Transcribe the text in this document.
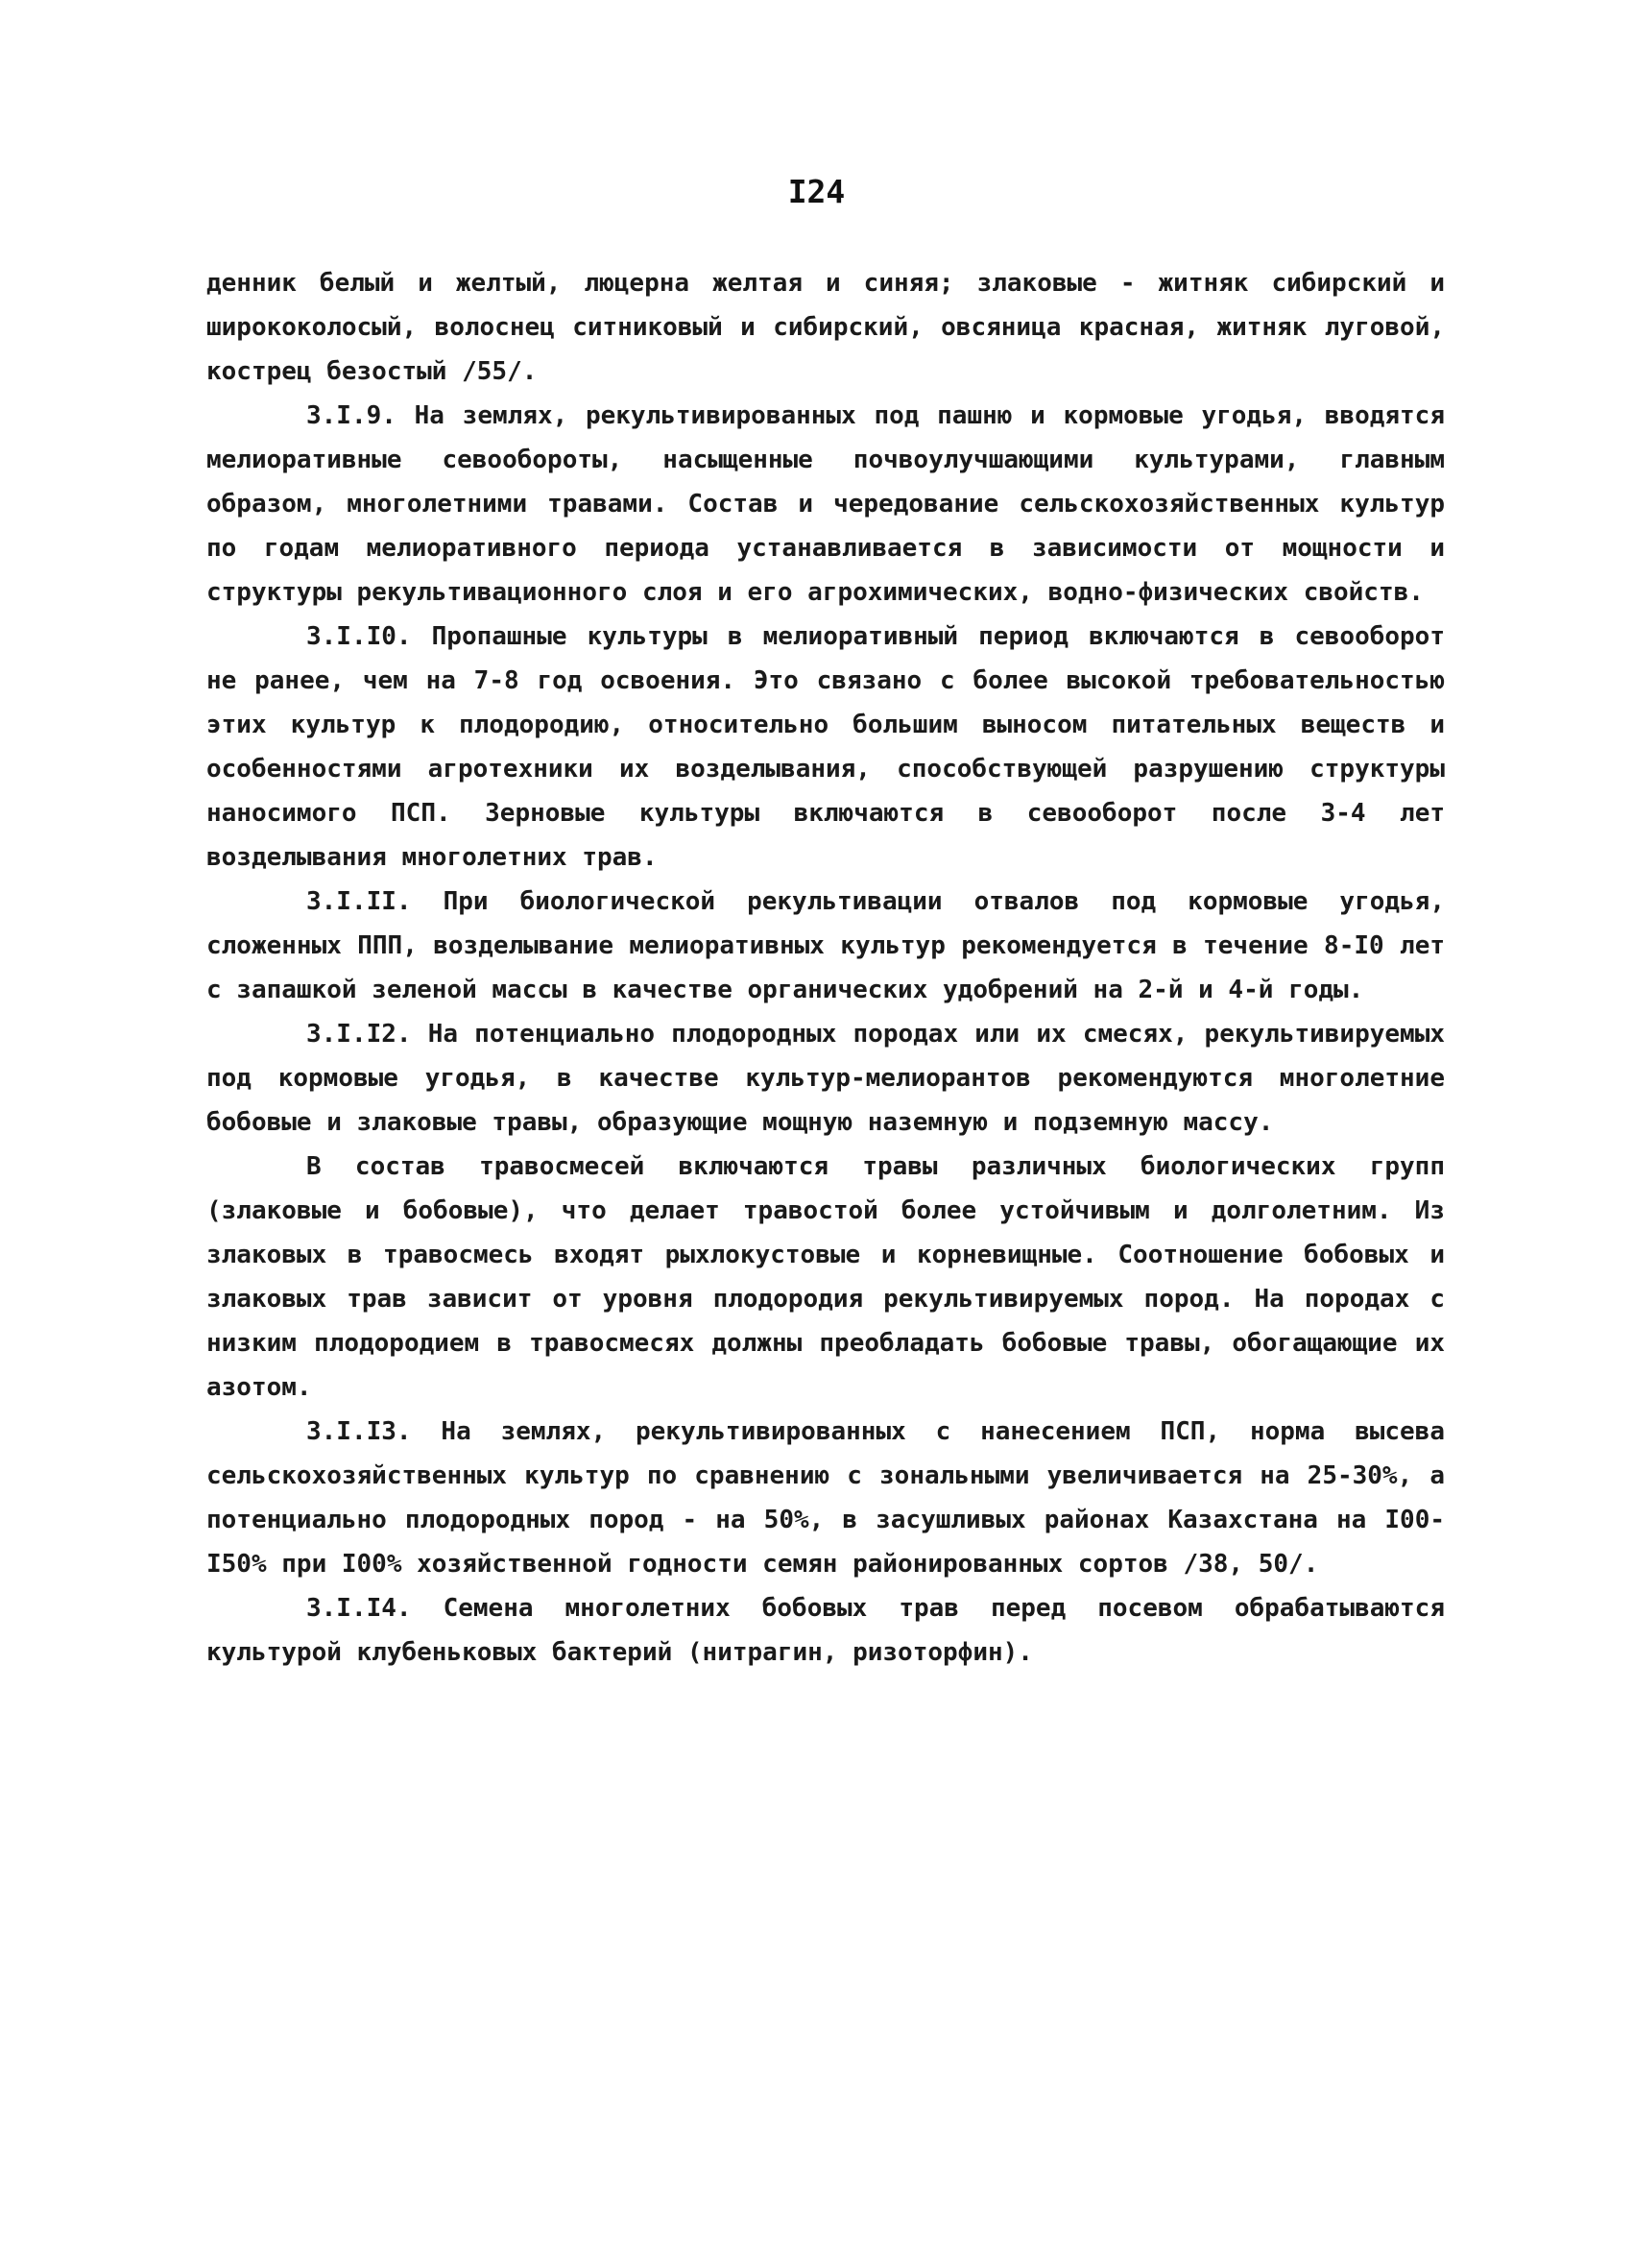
I24

денник белый и желтый, люцерна желтая и синяя; злаковые - житняк сибирский и ширококолосый, волоснец ситниковый и сибирский, овсяница красная, житняк луговой, кострец безостый /55/.

3.I.9. На землях, рекультивированных под пашню и кормовые угодья, вводятся мелиоративные севообороты, насыщенные почвоулучшающими культурами, главным образом, многолетними травами. Состав и чередование сельскохозяйственных культур по годам мелиоративного периода устанавливается в зависимости от мощности и структуры рекультивационного слоя и его агрохимических, водно-физических свойств.

3.I.I0. Пропашные культуры в мелиоративный период включаются в севооборот не ранее, чем на 7-8 год освоения. Это связано с более высокой требовательностью этих культур к плодородию, относительно большим выносом питательных веществ и особенностями агротехники их возделывания, способствующей разрушению структуры наносимого ПСП. Зерновые культуры включаются в севооборот после 3-4 лет возделывания многолетних трав.

3.I.II. При биологической рекультивации отвалов под кормовые угодья, сложенных ППП, возделывание мелиоративных культур рекомендуется в течение 8-I0 лет с запашкой зеленой массы в качестве органических удобрений на 2-й и 4-й годы.

3.I.I2. На потенциально плодородных породах или их смесях, рекультивируемых под кормовые угодья, в качестве культур-мелиорантов рекомендуются многолетние бобовые и злаковые травы, образующие мощную наземную и подземную массу.

В состав травосмесей включаются травы различных биологических групп (злаковые и бобовые), что делает травостой более устойчивым и долголетним. Из злаковых в травосмесь входят рыхлокустовые и корневищные. Соотношение бобовых и злаковых трав зависит от уровня плодородия рекультивируемых пород. На породах с низким плодородием в травосмесях должны преобладать бобовые травы, обогащающие их азотом.

3.I.I3. На землях, рекультивированных с нанесением ПСП, норма высева сельскохозяйственных культур по сравнению с зональными увеличивается на 25-30%, а потенциально плодородных пород - на 50%, в засушливых районах Казахстана на I00-I50% при I00% хозяйственной годности семян районированных сортов /38, 50/.

3.I.I4. Семена многолетних бобовых трав перед посевом обрабатываются культурой клубеньковых бактерий (нитрагин, ризоторфин).
